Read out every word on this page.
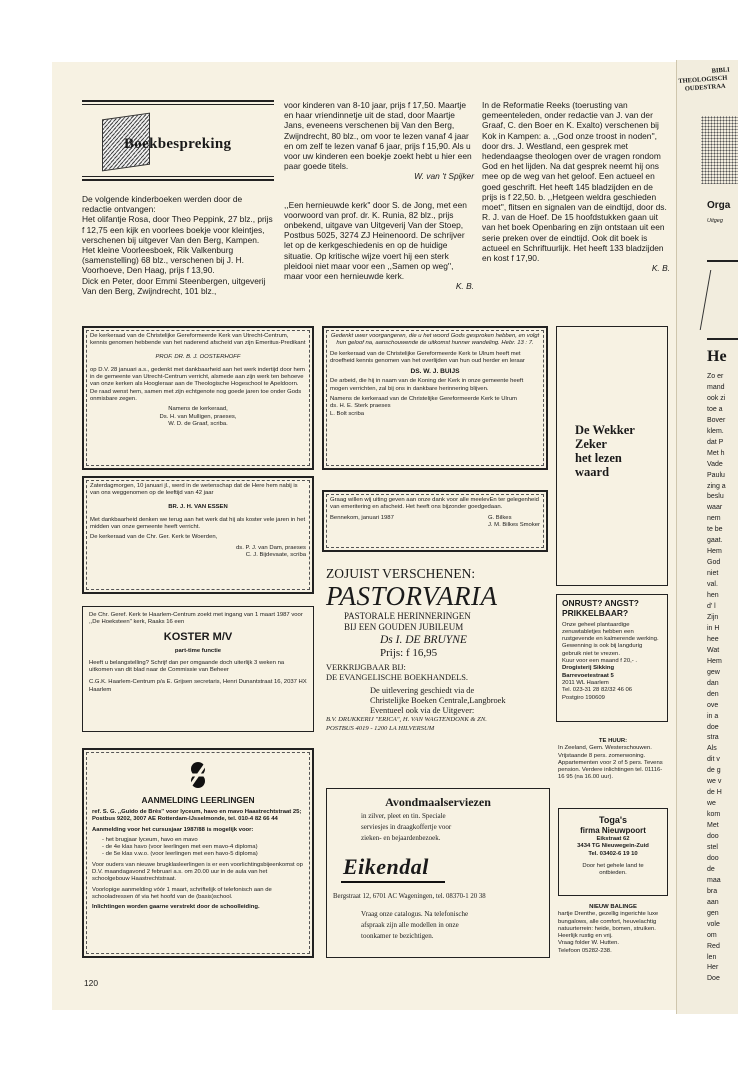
Boekbespreking

De volgende kinderboeken werden door de redactie ontvangen:

Het olifantje Rosa, door Theo Peppink, 27 blz., prijs f 12,75 een kijk en voorlees boekje voor kleintjes, verschenen bij uitgever Van den Berg, Kampen.

Het kleine Voorleesboek, Rik Valkenburg (samenstelling) 68 blz., verschenen bij J. H. Voorhoeve, Den Haag, prijs f 13,90.

Dick en Peter, door Emmi Steenbergen, uitgeverij Van den Berg, Zwijndrecht, 101 blz.,

voor kinderen van 8-10 jaar, prijs f 17,50. Maartje en haar vriendinnetje uit de stad, door Maartje Jans, eveneens verschenen bij Van den Berg, Zwijndrecht, 80 blz., om voor te lezen vanaf 4 jaar en om zelf te lezen vanaf 6 jaar, prijs f 15,90. Als u voor uw kinderen een boekje zoekt hebt u hier een paar goede titels.

W. van 't Spijker

,,Een hernieuwde kerk'' door S. de Jong, met een voorwoord van prof. dr. K. Runia, 82 blz., prijs onbekend, uitgave van Uitgeverij Van der Stoep, Postbus 5025, 3274 ZJ Heinenoord. De schrijver let op de kerkgeschiedenis en op de huidige situatie. Op kritische wijze voert hij een sterk pleidooi niet maar voor een ,,Samen op weg'', maar voor een hernieuwde kerk.

K. B.

In de Reformatie Reeks (toerusting van gemeenteleden, onder redactie van J. van der Graaf, C. den Boer en K. Exalto) verschenen bij Kok in Kampen: a. ,,God onze troost in noden'', door drs. J. Westland, een gesprek met hedendaagse theologen over de vragen rondom God en het lijden. Na dat gesprek neemt hij ons mee op de weg van het geloof. Een actueel en goed geschrift. Het heeft 145 bladzijden en de prijs is f 22,50. b. ,,Hetgeen weldra geschieden moet'', flitsen en signalen van de eindtijd, door ds. R. J. van de Hoef. De 15 hoofdstukken gaan uit van het boek Openbaring en zijn ontstaan uit een serie preken over de eindtijd. Ook dit boek is actueel en Schriftuurlijk. Het heeft 133 bladzijden en kost f 17,90.

K. B.

De kerkeraad van de Christelijke Gereformeerde Kerk van Utrecht-Centrum, kennis genomen hebbende van het naderend afscheid van zijn Emeritus-Predikant

PROF. DR. B. J. OOSTERHOFF

op D.V. 28 januari a.s., gedenkt met dankbaarheid aan het werk indertijd door hem in de gemeente van Utrecht-Centrum verricht, alsmede aan zijn werk ten behoeve van onze kerken als Hoogleraar aan de Theologische Hogeschool te Apeldoorn. De raad wenst hem, samen met zijn echtgenote nog goede jaren toe onder Gods onmisbare zegen.

Namens de kerkeraad,
Ds. H. van Mulligen, praeses,
W. D. de Graaf, scriba.

Gedenkt uwer voorgangeren, die u het woord Gods gesproken hebben, en volgt hun geloof na, aanschouwende de uitkomst hunner wandeling. Hebr. 13 : 7.

De kerkeraad van de Christelijke Gereformeerde Kerk te Ulrum heeft met droefheid kennis genomen van het overlijden van hun oud herder en leraar

DS. W. J. BUIJS

De arbeid, die hij in naam van de Koning der Kerk in onze gemeente heeft mogen verrichten, zal bij ons in dankbare herinnering blijven.

Namens de kerkeraad van de Christelijke Gereformeerde Kerk te Ulrum
ds. H. E. Sterk praeses
L. Bolt scriba

De Wekker
Zeker
het lezen
waard

Zaterdagmorgen, 10 januari jl., werd in de wetenschap dat de Here hem nabij is van ons weggenomen op de leeftijd van 42 jaar

BR. J. H. VAN ESSEN

Met dankbaarheid denken we terug aan het werk dat hij als koster vele jaren in het midden van onze gemeente heeft verricht.

De kerkeraad van de Chr. Ger. Kerk te Woerden,

ds. P. J. van Dam, praeses
C. J. Bijdevaate, scriba

Graag willen wij uiting geven aan onze dank voor alle meelevEn ter gelegenheid van emeritering en afscheid. Het heeft ons bijzonder goedgedaan.

Bennekom, januari 1987	G. Bilkes
J. M. Bilkes Smoker
ZOJUIST VERSCHENEN:
PASTORVARIA
PASTORALE HERINNERINGEN
BIJ EEN GOUDEN JUBILEUM
Ds I. DE BRUYNE
Prijs: f 16,95
VERKRIJGBAAR BIJ:
DE EVANGELISCHE BOEKHANDELS.
De uitlevering geschiedt via de
Christelijke Boeken Centrale,Langbroek
Eventueel ook via de Uitgever:
B.V. DRUKKERIJ "ERICA", H. VAN WAGTENDONK & ZN.
POSTBUS 4019 - 1200 LA HILVERSUM

De Chr. Geref. Kerk te Haarlem-Centrum zoekt met ingang van 1 maart 1987 voor ,,De Hoeksteen'' kerk, Raaks 16 een

KOSTER M/V

part-time functie

Heeft u belangstelling? Schrijf dan per omgaande doch uiterlijk 3 weken na uitkomen van dit blad naar de Commissie van Beheer

C.G.K. Haarlem-Centrum p/a E. Grijsen secretaris, Henri Dunantstraat 16, 2037 HX Haarlem

ONRUST? ANGST? PRIKKELBAAR?

Onze geheel plantaardige zenuwtabletjes hebben een rustgevende en kalmerende werking.

Gewenning is ook bij langdurig gebruik niet te vrezen.

Kuur voor een maand f 20,- .

Drogisterij Sikking

Barrevoetestraat 5

2011 WL Haarlem

Tel. 023-31 28 82/32 46 06

Postgiro 190609

TE HUUR:
In Zeeland, Gem. Westerschouwen. Vrijstaande 8 pers. zomerwoning. Appartementen voor 2 of 5 pers. Tevens pension. Verdere inlichtingen tel. 01116-16 95 (na 16.00 uur).

AANMELDING LEERLINGEN

ref. S. G. ,,Guido de Brès'' voor lyceum, havo en mavo Haastrechtstraat 25; Postbus 9202, 3007 AE Rotterdam-IJsselmonde, tel. 010-4 82 66 44

Aanmelding voor het cursusjaar 1987/88 is mogelijk voor:

- het brugjaar lyceum, havo en mavo
- de 4e klas havo (voor leerlingen met een mavo-4 diploma)
- de 5e klas v.w.o. (voor leerlingen met een havo-5 diploma)

Voor ouders van nieuwe brugklasleerlingen is er een voorlichtingsbijeenkomst op D.V. maandagavond 2 februari a.s. om 20.00 uur in de aula van het schoolgebouw Haastrechtstraat.

Voorlopige aanmelding vóór 1 maart, schriftelijk of telefonisch aan de schooladressen óf via het hoofd van de (basis)school.

Inlichtingen worden gaarne verstrekt door de schoolleiding.

Avondmaalserviezen
in zilver, pleet en tin. Speciale
serviesjes in draagkoffertje voor
zieken- en bejaardenbezoek.
Eikendal
Bergstraat 12, 6701 AC Wageningen, tel. 08370-1 20 38
Vraag onze catalogus. Na telefonische
afspraak zijn alle modellen in onze
toonkamer te bezichtigen.
Toga's
firma Nieuwpoort
Eikstraat 62
3434 TG Nieuwegein-Zuid
Tel. 03402-6 19 10
Door het gehele land te ontbieden.
NIEUW BALINGE
hartje Drenthe, gezellig ingerichte luxe bungalows, alle comfort, heuvelachtig natuurterrein: heide, bomen, struiken. Heerlijk rustig en vrij.
Vraag folder W. Hutten.
Telefoon 05282-238.
120
BIBLI
THEOLOGISCH
OUDESTRAA
Orga
Uitgeg
He
Zo er
mand
ook zi
toe a
Bover
klem.
dat P
Met h
Vade
Paulu
zing a
beslu
waar
nem
te be
gaat.
Hem
God
niet
val.
hen
d' l
Zijn
in H
hee
Wat
Hem
gew
dan
den
ove
in a
doe
stra
Als
dit v
de g
we v
de H
we
kom
Met
doo
stel
doo
de
maa
bra
aan
gen
vole
om
Red
len
Her
Doe
